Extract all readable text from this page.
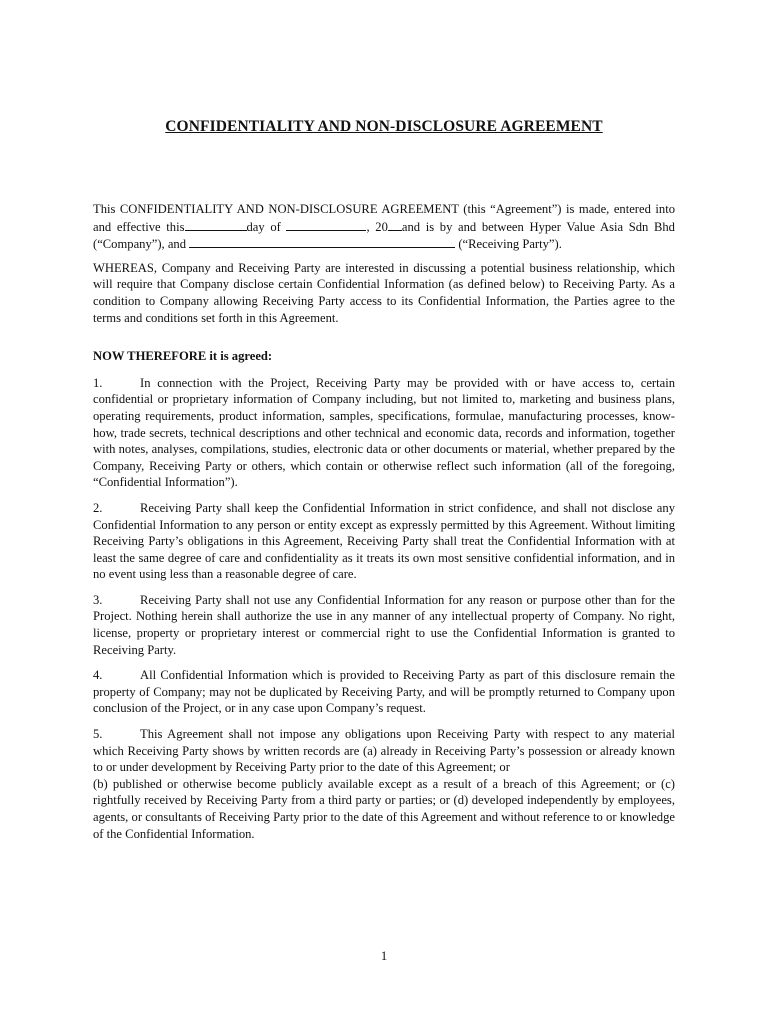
CONFIDENTIALITY AND NON-DISCLOSURE AGREEMENT

This CONFIDENTIALITY AND NON-DISCLOSURE AGREEMENT (this “Agreement”) is made, entered into and effective this	day of	, 20 and is by and between Hyper Value Asia Sdn Bhd (“Company”), and	(“Receiving Party”).

WHEREAS, Company and Receiving Party are interested in discussing a potential business relationship, which will require that Company disclose certain Confidential Information (as defined below) to Receiving Party. As a condition to Company allowing Receiving Party access to its Confidential Information, the Parties agree to the terms and conditions set forth in this Agreement.

NOW THEREFORE it is agreed:

1.	In connection with the Project, Receiving Party may be provided with or have access to, certain confidential or proprietary information of Company including, but not limited to, marketing and business plans, operating requirements, product information, samples, specifications, formulae, manufacturing processes, know-how, trade secrets, technical descriptions and other technical and economic data, records and information, together with notes, analyses, compilations, studies, electronic data or other documents or material, whether prepared by the Company, Receiving Party or others, which contain or otherwise reflect such information (all of the foregoing, “Confidential Information”).

2.	Receiving Party shall keep the Confidential Information in strict confidence, and shall not disclose any Confidential Information to any person or entity except as expressly permitted by this Agreement. Without limiting Receiving Party’s obligations in this Agreement, Receiving Party shall treat the Confidential Information with at least the same degree of care and confidentiality as it treats its own most sensitive confidential information, and in no event using less than a reasonable degree of care.

3.	Receiving Party shall not use any Confidential Information for any reason or purpose other than for the Project. Nothing herein shall authorize the use in any manner of any intellectual property of Company. No right, license, property or proprietary interest or commercial right to use the Confidential Information is granted to Receiving Party.

4.	All Confidential Information which is provided to Receiving Party as part of this disclosure remain the property of Company; may not be duplicated by Receiving Party, and will be promptly returned to Company upon conclusion of the Project, or in any case upon Company’s request.

5.	This Agreement shall not impose any obligations upon Receiving Party with respect to any material which Receiving Party shows by written records are (a) already in Receiving Party’s possession or already known to or under development by Receiving Party prior to the date of this Agreement; or

(b) published or otherwise become publicly available except as a result of a breach of this Agreement; or (c) rightfully received by Receiving Party from a third party or parties; or (d) developed independently by employees, agents, or consultants of Receiving Party prior to the date of this Agreement and without reference to or knowledge of the Confidential Information.

1
